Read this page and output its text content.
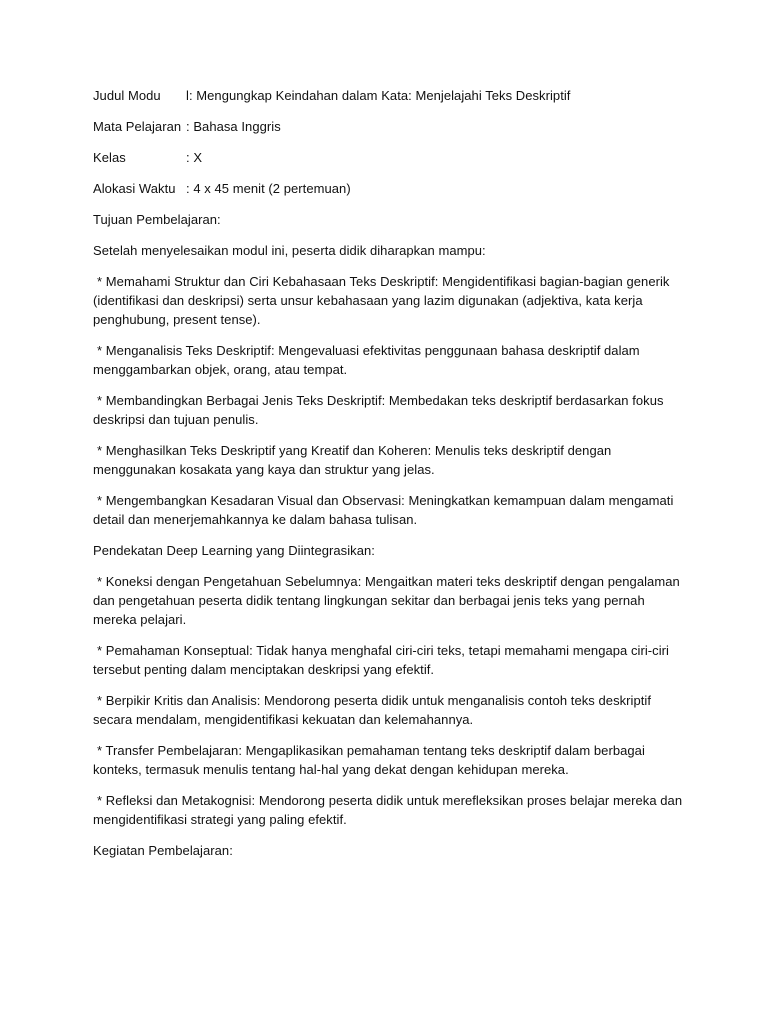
Judul Modu	l: Mengungkap Keindahan dalam Kata: Menjelajahi Teks Deskriptif
Mata Pelajaran : Bahasa Inggris
Kelas	: X
Alokasi Waktu : 4 x 45 menit (2 pertemuan)

Tujuan Pembelajaran:

Setelah menyelesaikan modul ini, peserta didik diharapkan mampu:

* Memahami Struktur dan Ciri Kebahasaan Teks Deskriptif: Mengidentifikasi bagian-bagian generik (identifikasi dan deskripsi) serta unsur kebahasaan yang lazim digunakan (adjektiva, kata kerja penghubung, present tense).

* Menganalisis Teks Deskriptif: Mengevaluasi efektivitas penggunaan bahasa deskriptif dalam menggambarkan objek, orang, atau tempat.

* Membandingkan Berbagai Jenis Teks Deskriptif: Membedakan teks deskriptif berdasarkan fokus deskripsi dan tujuan penulis.

* Menghasilkan Teks Deskriptif yang Kreatif dan Koheren: Menulis teks deskriptif dengan menggunakan kosakata yang kaya dan struktur yang jelas.

* Mengembangkan Kesadaran Visual dan Observasi: Meningkatkan kemampuan dalam mengamati detail dan menerjemahkannya ke dalam bahasa tulisan.

Pendekatan Deep Learning yang Diintegrasikan:

* Koneksi dengan Pengetahuan Sebelumnya: Mengaitkan materi teks deskriptif dengan pengalaman dan pengetahuan peserta didik tentang lingkungan sekitar dan berbagai jenis teks yang pernah mereka pelajari.

* Pemahaman Konseptual: Tidak hanya menghafal ciri-ciri teks, tetapi memahami mengapa ciri-ciri tersebut penting dalam menciptakan deskripsi yang efektif.

* Berpikir Kritis dan Analisis: Mendorong peserta didik untuk menganalisis contoh teks deskriptif secara mendalam, mengidentifikasi kekuatan dan kelemahannya.

* Transfer Pembelajaran: Mengaplikasikan pemahaman tentang teks deskriptif dalam berbagai konteks, termasuk menulis tentang hal-hal yang dekat dengan kehidupan mereka.

* Refleksi dan Metakognisi: Mendorong peserta didik untuk merefleksikan proses belajar mereka dan mengidentifikasi strategi yang paling efektif.

Kegiatan Pembelajaran:
